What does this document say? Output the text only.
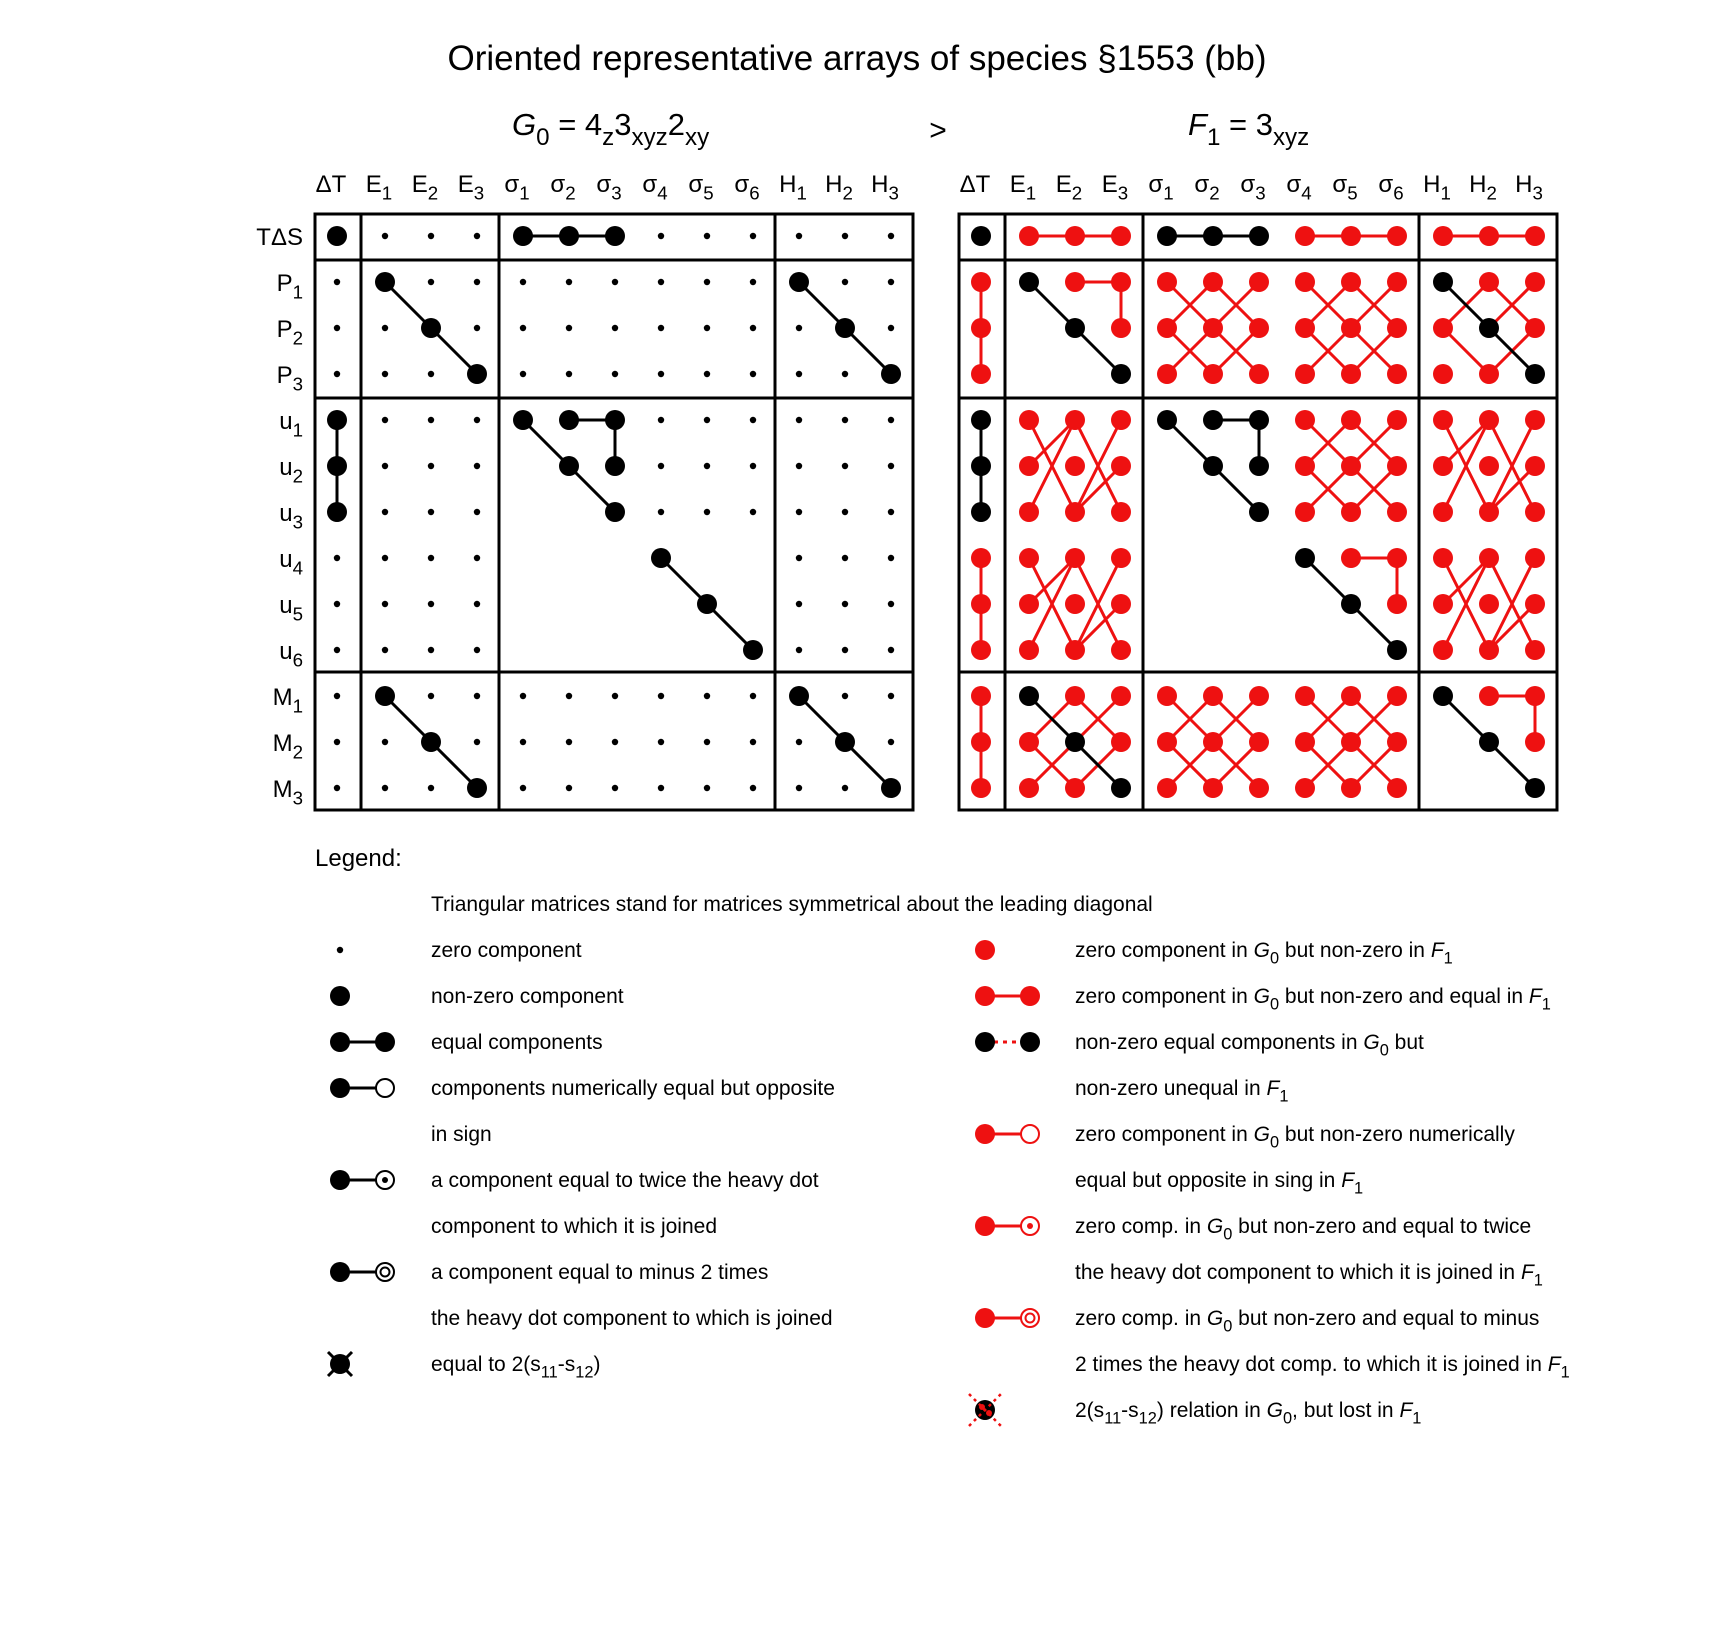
Oriented representative arrays of species §1553 (bb)
$G_0 = 4_z3_{xyz}2_{xy}$	$F_1 = 3_{xyz}$
>
ΔT $E_1$ $E_2$ $E_3$ $\sigma_1$ $\sigma_2$ $\sigma_3$ $\sigma_4$ $\sigma_5$ $\sigma_6$ $H_1$ $H_2$ $H_3$	ΔT $E_1$ $E_2$ $E_3$ $\sigma_1$ $\sigma_2$ $\sigma_3$ $\sigma_4$ $\sigma_5$ $\sigma_6$ $H_1$ $H_2$ $H_3$
TΔS
$P_1$
$P_2$
$P_3$
$u_1$
$u_2$
$u_3$
$u_4$
$u_5$
$u_6$
$M_1$
$M_2$
$M_3$
Legend:
Triangular matrices stand for matrices symmetrical about the leading diagonal
zero component
non-zero component
equal components
components numerically equal but opposite
in sign
a component equal to twice the heavy dot
component to which it is joined
a component equal to minus 2 times
the heavy dot component to which is joined
equal to $2(s_{11}-s_{12})$
zero component in $G_0$ but non-zero in $F_1$
zero component in $G_0$ but non-zero and equal in $F_1$
non-zero equal components in $G_0$ but
non-zero unequal in $F_1$
zero component in $G_0$ but non-zero numerically
equal but opposite in sing in $F_1$
zero comp. in $G_0$ but non-zero and equal to twice
the heavy dot component to which it is joined in $F_1$
zero comp. in $G_0$ but non-zero and equal to minus
2 times the heavy dot comp. to which it is joined in $F_1$
$2(s_{11}-s_{12})$ relation in $G_0$, but lost in $F_1$
